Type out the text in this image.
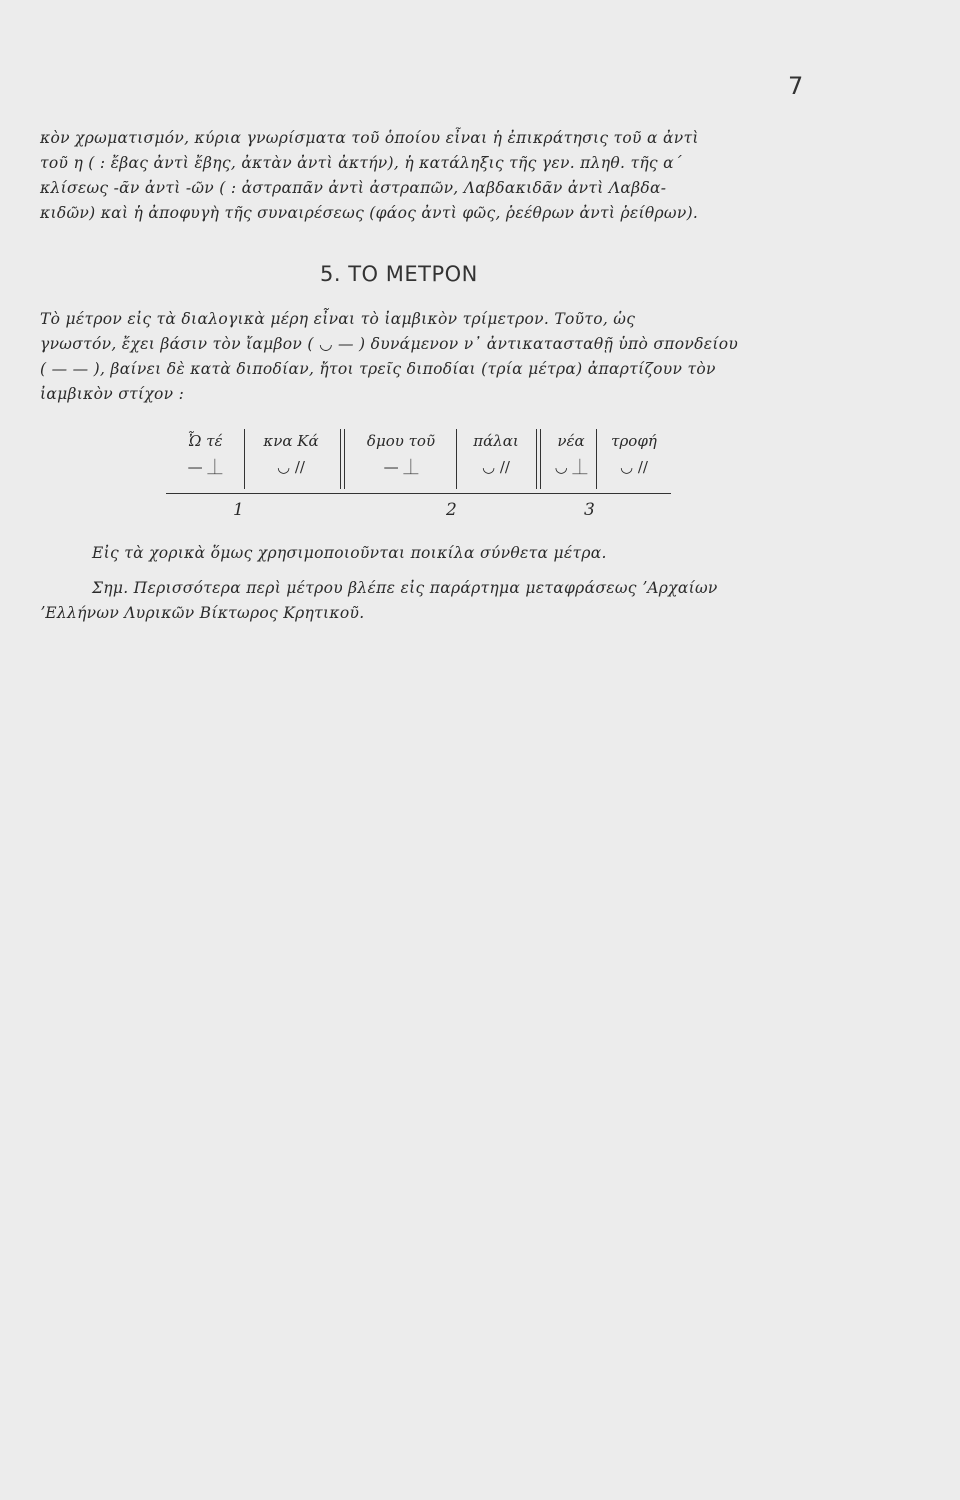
7

κὸν χρωματισμόν, κύρια γνωρίσματα τοῦ ὁποίου εἶναι ἡ ἐπικράτησις τοῦ α ἀντὶ

τοῦ η ( : ἔβας ἀντὶ ἔβης, ἀκτὰν ἀντὶ ἀκτήν), ἡ κατάληξις τῆς γεν. πληθ. τῆς α΄

κλίσεως -ᾶν ἀντὶ -ῶν ( : ἀστραπᾶν ἀντὶ ἀστραπῶν, Λαβδακιδᾶν ἀντὶ Λαβδα-

κιδῶν) καὶ ἡ ἀποφυγὴ τῆς συναιρέσεως (φάος ἀντὶ φῶς, ῥεέθρων ἀντὶ ῥείθρων).

5. ΤΟ ΜΕΤΡΟΝ

Τὸ μέτρον εἰς τὰ διαλογικὰ μέρη εἶναι τὸ ἰαμβικὸν τρίμετρον. Τοῦτο, ὡς

γνωστόν, ἔχει βάσιν τὸν ἴαμβον ( ◡ — ) δυνάμενον ν᾽ ἀντικατασταθῇ ὑπὸ σπονδείου

( — — ), βαίνει δὲ κατὰ διποδίαν, ἤτοι τρεῖς διποδίαι (τρία μέτρα) ἀπαρτίζουν τὸν

ἰαμβικὸν στίχον :

Ὦ τέ
— ⏊
κνα Κά
◡ //
δμου τοῦ
— ⏊
πάλαι
◡ //
νέα
◡ ⏊
τροφή
◡ //
1	2	3

Εἰς τὰ χορικὰ ὅμως χρησιμοποιοῦνται ποικίλα σύνθετα μέτρα.

Σημ. Περισσότερα περὶ μέτρου βλέπε εἰς παράρτημα μεταφράσεως ʼΑρχαίων

ʼΕλλήνων Λυρικῶν Βίκτωρος Κρητικοῦ.
